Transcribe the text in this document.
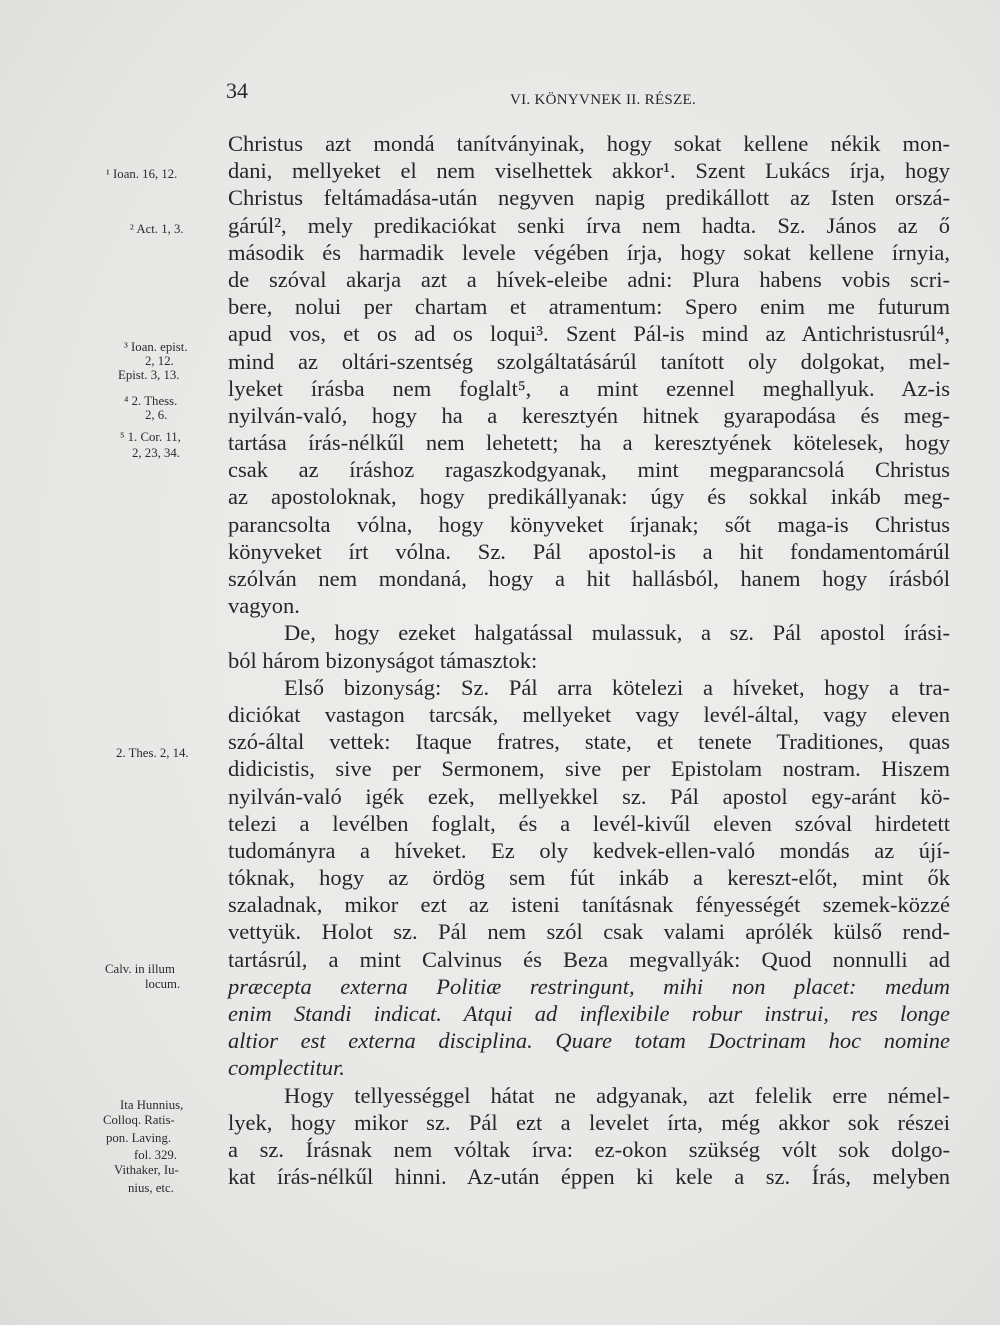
34	VI. KÖNYVNEK II. RÉSZE.
Christus azt mondá tanítványinak, hogy sokat kellene nékik mon-
dani, mellyeket el nem viselhettek akkor¹. Szent Lukács írja, hogy
Christus feltámadása-után negyven napig predikállott az Isten orszá-
gárúl², mely predikaciókat senki írva nem hadta. Sz. János az ő
második és harmadik levele végében írja, hogy sokat kellene írnyia,
de szóval akarja azt a hívek-eleibe adni: Plura habens vobis scri-
bere, nolui per chartam et atramentum: Spero enim me futurum
apud vos, et os ad os loqui³. Szent Pál-is mind az Antichristusrúl⁴,
mind az oltári-szentség szolgáltatásárúl tanított oly dolgokat, mel-
lyeket írásba nem foglalt⁵, a mint ezennel meghallyuk. Az-is
nyilván-való, hogy ha a keresztyén hitnek gyarapodása és meg-
tartása írás-nélkűl nem lehetett; ha a keresztyének kötelesek, hogy
csak az íráshoz ragaszkodgyanak, mint megparancsolá Christus
az apostoloknak, hogy predikállyanak: úgy és sokkal inkáb meg-
parancsolta vólna, hogy könyveket írjanak; sőt maga-is Christus
könyveket írt vólna. Sz. Pál apostol-is a hit fondamentomárúl
szólván nem mondaná, hogy a hit hallásból, hanem hogy írásból
vagyon.
De, hogy ezeket halgatással mulassuk, a sz. Pál apostol írási-
ból három bizonyságot támasztok:
Első bizonyság: Sz. Pál arra kötelezi a híveket, hogy a tra-
diciókat vastagon tarcsák, mellyeket vagy levél-által, vagy eleven
szó-által vettek: Itaque fratres, state, et tenete Traditiones, quas
didicistis, sive per Sermonem, sive per Epistolam nostram. Hiszem
nyilván-való igék ezek, mellyekkel sz. Pál apostol egy-aránt kö-
telezi a levélben foglalt, és a levél-kivűl eleven szóval hirdetett
tudományra a híveket. Ez oly kedvek-ellen-való mondás az újí-
tóknak, hogy az ördög sem fút inkáb a kereszt-előt, mint ők
szaladnak, mikor ezt az isteni tanításnak fényességét szemek-közzé
vettyük. Holot sz. Pál nem szól csak valami aprólék külső rend-
tartásrúl, a mint Calvinus és Beza megvallyák: Quod nonnulli ad
præcepta externa Politiæ restringunt, mihi non placet: medum
enim Standi indicat. Atqui ad inflexibile robur instrui, res longe
altior est externa disciplina. Quare totam Doctrinam hoc nomine
complectitur.
Hogy tellyességgel hátat ne adgyanak, azt felelik erre némel-
lyek, hogy mikor sz. Pál ezt a levelet írta, még akkor sok részei
a sz. Írásnak nem vóltak írva: ez-okon szükség vólt sok dolgo-
kat írás-nélkűl hinni. Az-után éppen ki kele a sz. Írás, melyben
¹ Ioan. 16, 12.
² Act. 1, 3.
³ Ioan. epist.
2, 12.
Epist. 3, 13.
⁴ 2. Thess.
2, 6.
⁵ 1. Cor. 11,
2, 23, 34.
2. Thes. 2, 14.
Calv. in illum
locum.
Ita Hunnius,
Colloq. Ratis-
pon. Laving.
fol. 329.
Vithaker, Iu-
nius, etc.
